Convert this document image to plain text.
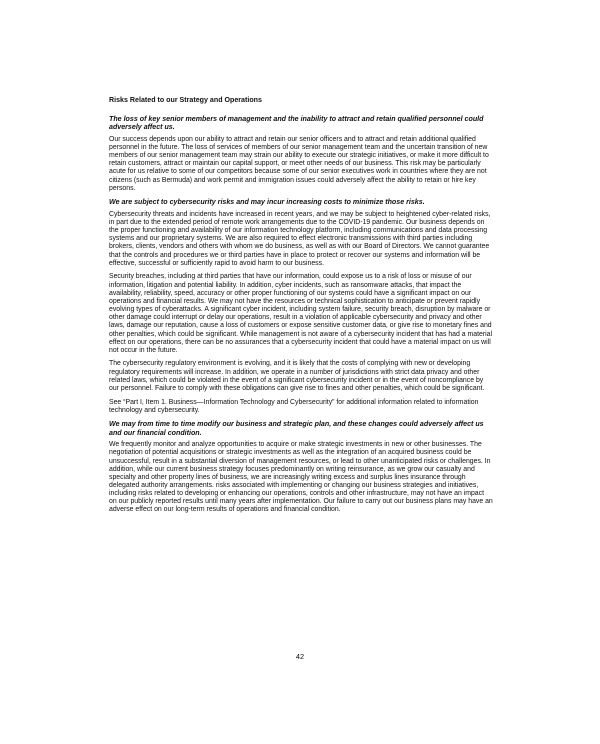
Risks Related to our Strategy and Operations
The loss of key senior members of management and the inability to attract and retain qualified personnel could adversely affect us.
Our success depends upon our ability to attract and retain our senior officers and to attract and retain additional qualified personnel in the future. The loss of services of members of our senior management team and the uncertain transition of new members of our senior management team may strain our ability to execute our strategic initiatives, or make it more difficult to retain customers, attract or maintain our capital support, or meet other needs of our business. This risk may be particularly acute for us relative to some of our competitors because some of our senior executives work in countries where they are not citizens (such as Bermuda) and work permit and immigration issues could adversely affect the ability to retain or hire key persons.
We are subject to cybersecurity risks and may incur increasing costs to minimize those risks.
Cybersecurity threats and incidents have increased in recent years, and we may be subject to heightened cyber-related risks, in part due to the extended period of remote work arrangements due to the COVID-19 pandemic. Our business depends on the proper functioning and availability of our information technology platform, including communications and data processing systems and our proprietary systems. We are also required to effect electronic transmissions with third parties including brokers, clients, vendors and others with whom we do business, as well as with our Board of Directors. We cannot guarantee that the controls and procedures we or third parties have in place to protect or recover our systems and information will be effective, successful or sufficiently rapid to avoid harm to our business.
Security breaches, including at third parties that have our information, could expose us to a risk of loss or misuse of our information, litigation and potential liability. In addition, cyber incidents, such as ransomware attacks, that impact the availability, reliability, speed, accuracy or other proper functioning of our systems could have a significant impact on our operations and financial results. We may not have the resources or technical sophistication to anticipate or prevent rapidly evolving types of cyberattacks. A significant cyber incident, including system failure, security breach, disruption by malware or other damage could interrupt or delay our operations, result in a violation of applicable cybersecurity and privacy and other laws, damage our reputation, cause a loss of customers or expose sensitive customer data, or give rise to monetary fines and other penalties, which could be significant. While management is not aware of a cybersecurity incident that has had a material effect on our operations, there can be no assurances that a cybersecurity incident that could have a material impact on us will not occur in the future.
The cybersecurity regulatory environment is evolving, and it is likely that the costs of complying with new or developing regulatory requirements will increase. In addition, we operate in a number of jurisdictions with strict data privacy and other related laws, which could be violated in the event of a significant cybersecurity incident or in the event of noncompliance by our personnel. Failure to comply with these obligations can give rise to fines and other penalties, which could be significant.
See “Part I, Item 1. Business—Information Technology and Cybersecurity” for additional information related to information technology and cybersecurity.
We may from time to time modify our business and strategic plan, and these changes could adversely affect us and our financial condition.
We frequently monitor and analyze opportunities to acquire or make strategic investments in new or other businesses. The negotiation of potential acquisitions or strategic investments as well as the integration of an acquired business could be unsuccessful, result in a substantial diversion of management resources, or lead to other unanticipated risks or challenges. In addition, while our current business strategy focuses predominantly on writing reinsurance, as we grow our casualty and specialty and other property lines of business, we are increasingly writing excess and surplus lines insurance through delegated authority arrangements. risks associated with implementing or changing our business strategies and initiatives, including risks related to developing or enhancing our operations, controls and other infrastructure, may not have an impact on our publicly reported results until many years after implementation. Our failure to carry out our business plans may have an adverse effect on our long-term results of operations and financial condition.
42
